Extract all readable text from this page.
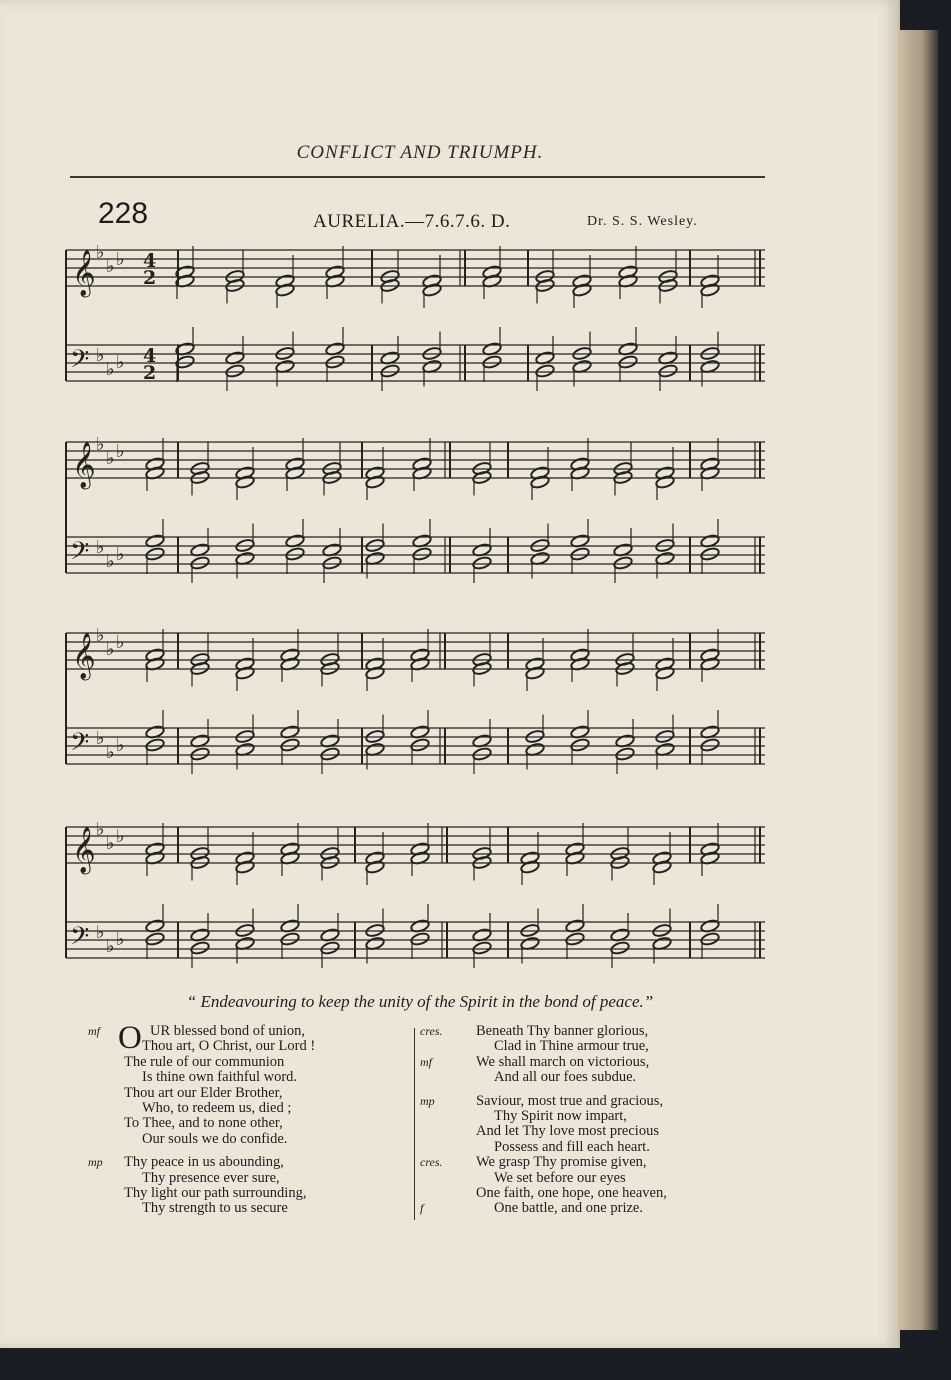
CONFLICT AND TRIUMPH.
228	AURELIA.—7.6.7.6. D.	Dr. S. S. Wesley.
𝄞
𝄢
♭
♭
♭
♭
♭
♭
4
4
2
2
𝄞
𝄢
♭
♭
♭
♭
♭
♭
𝄞
𝄢
♭
♭
♭
♭
♭
♭
𝄞
𝄢
♭
♭
♭
♭
♭
♭
“ Endeavouring to keep the unity of the Spirit in the bond of peace.”
mf O UR blessed bond of union,
Thou art, O Christ, our Lord !
The rule of our communion
Is thine own faithful word.
Thou art our Elder Brother,
Who, to redeem us, died ;
To Thee, and to none other,
Our souls we do confide.
mp Thy peace in us abounding,
Thy presence ever sure,
Thy light our path surrounding,
Thy strength to us secure
cres. Beneath Thy banner glorious,
Clad in Thine armour true,
mf	We shall march on victorious,
And all our foes subdue.
mp	Saviour, most true and gracious,
Thy Spirit now impart,
And let Thy love most precious
Possess and fill each heart.
cres. We grasp Thy promise given,
We set before our eyes
One faith, one hope, one heaven,
f	One battle, and one prize.
